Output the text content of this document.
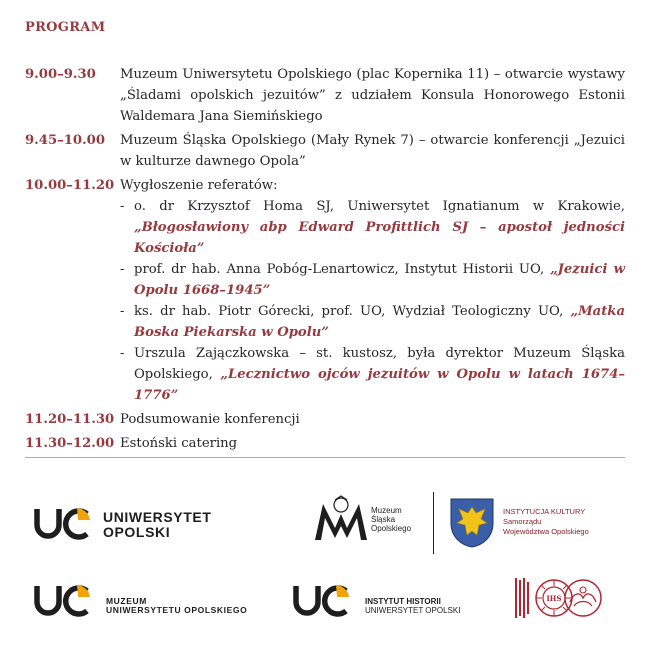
PROGRAM
9.00–9.30	Muzeum Uniwersytetu Opolskiego (plac Kopernika 11) – otwarcie wystawy „Śladami opolskich jezuitów” z udziałem Konsula Honorowego Estonii Waldemara Jana Siemińskiego
9.45–10.00	Muzeum Śląska Opolskiego (Mały Rynek 7) – otwarcie konferencji „Jezuici w kulturze dawnego Opola”
10.00–11.20 Wygłoszenie referatów:
- o. dr Krzysztof Homa SJ, Uniwersytet Ignatianum w Krakowie, „Błogosławiony abp Edward Profittlich SJ – apostoł jedności Kościoła”
- prof. dr hab. Anna Pobóg-Lenartowicz, Instytut Historii UO, „Jezuici w Opolu 1668–1945”
- ks. dr hab. Piotr Górecki, prof. UO, Wydział Teologiczny UO, „Matka Boska Piekarska w Opolu”
- Urszula Zajączkowska – st. kustosz, była dyrektor Muzeum Śląska Opolskiego, „Lecznictwo ojców jezuitów w Opolu w latach 1674–1776”
11.20–11.30 Podsumowanie konferencji
11.30–12.00 Estoński catering
UNIWERSYTET
OPOLSKI
Muzeum
Śląska
Opolskiego
INSTYTUCJA KULTURY
Samorządu
Województwa Opolskiego
MUZEUM
UNIWERSYTETU OPOLSKIEGO
INSTYTUT HISTORII
UNIWERSYTET OPOLSKI
IHS
